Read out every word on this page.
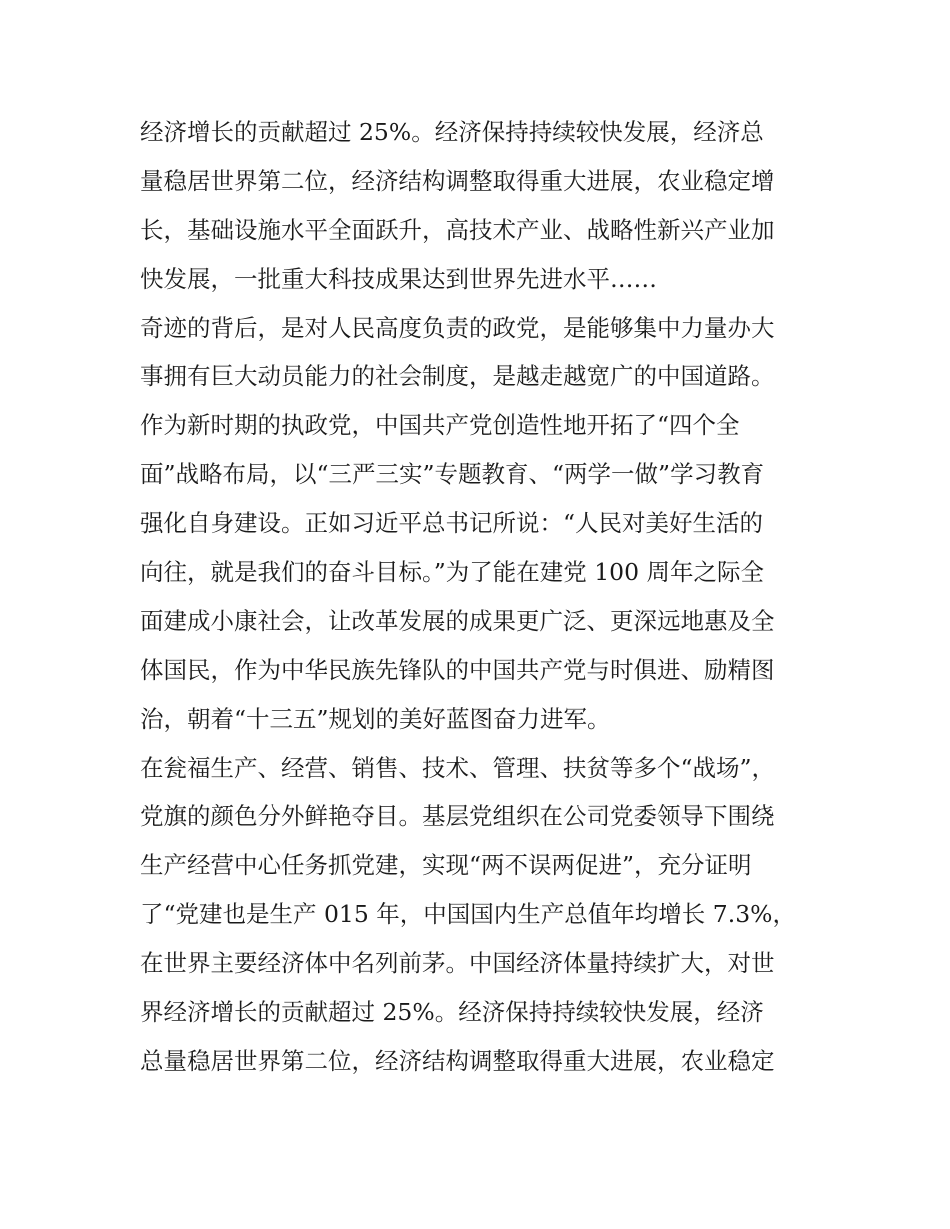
经济增长的贡献超过 25%。经济保持持续较快发展，经济总
量稳居世界第二位，经济结构调整取得重大进展，农业稳定增
长，基础设施水平全面跃升，高技术产业、战略性新兴产业加
快发展，一批重大科技成果达到世界先进水平……
奇迹的背后，是对人民高度负责的政党，是能够集中力量办大
事拥有巨大动员能力的社会制度，是越走越宽广的中国道路。
作为新时期的执政党，中国共产党创造性地开拓了“四个全
面”战略布局，以“三严三实”专题教育、“两学一做”学习教育
强化自身建设。正如习近平总书记所说：“人民对美好生活的
向往，就是我们的奋斗目标。”为了能在建党 100 周年之际全
面建成小康社会，让改革发展的成果更广泛、更深远地惠及全
体国民，作为中华民族先锋队的中国共产党与时俱进、励精图
治，朝着“十三五”规划的美好蓝图奋力进军。
在瓮福生产、经营、销售、技术、管理、扶贫等多个“战场”，
党旗的颜色分外鲜艳夺目。基层党组织在公司党委领导下围绕
生产经营中心任务抓党建，实现“两不误两促进”，充分证明
了“党建也是生产 015 年，中国国内生产总值年均增长 7.3%，
在世界主要经济体中名列前茅。中国经济体量持续扩大，对世
界经济增长的贡献超过 25%。经济保持持续较快发展，经济
总量稳居世界第二位，经济结构调整取得重大进展，农业稳定
